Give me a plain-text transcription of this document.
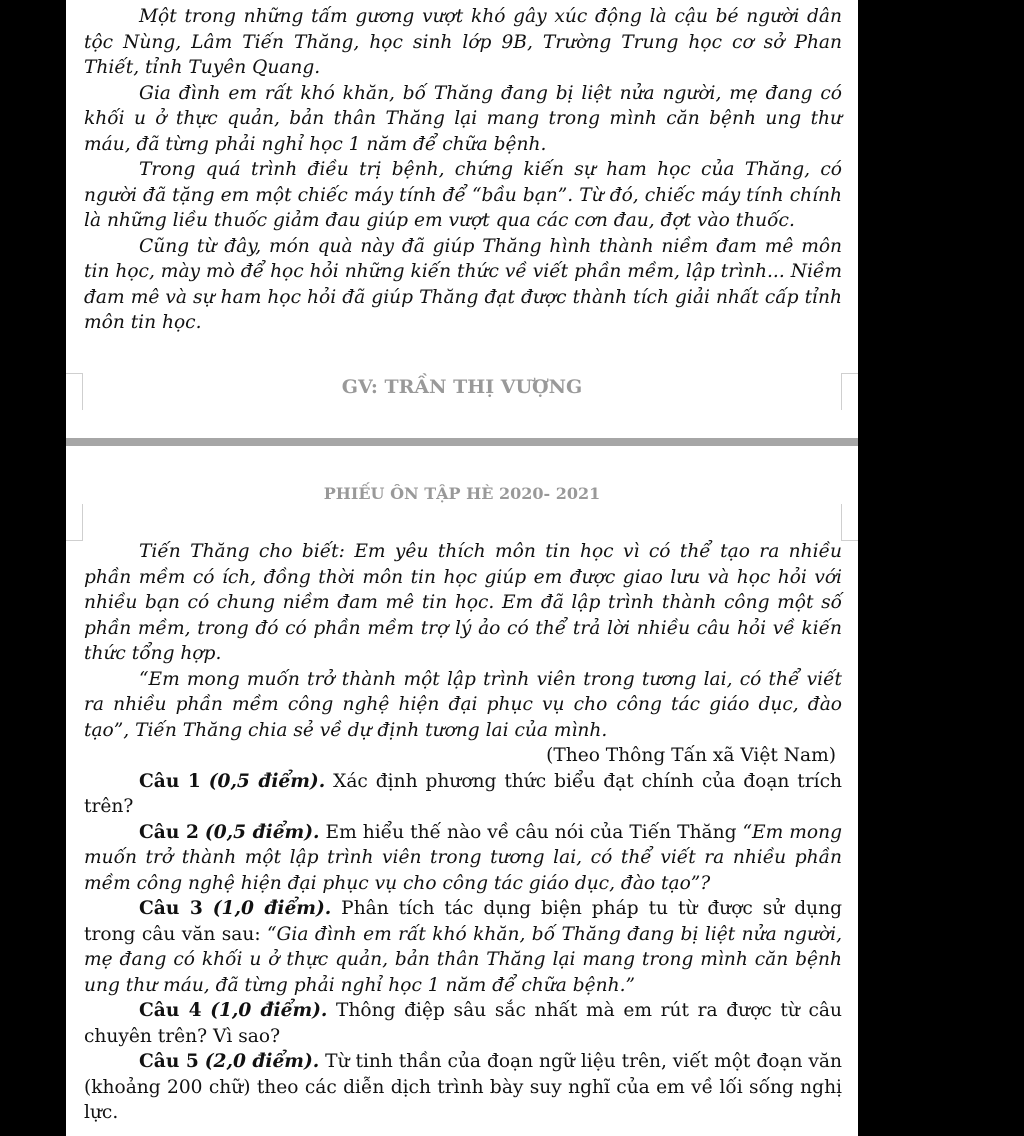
Một trong những tấm gương vượt khó gây xúc động là cậu bé người dân tộc Nùng, Lâm Tiến Thăng, học sinh lớp 9B, Trường Trung học cơ sở Phan Thiết, tỉnh Tuyên Quang.

Gia đình em rất khó khăn, bố Thăng đang bị liệt nửa người, mẹ đang có khối u ở thực quản, bản thân Thăng lại mang trong mình căn bệnh ung thư máu, đã từng phải nghỉ học 1 năm để chữa bệnh.

Trong quá trình điều trị bệnh, chứng kiến sự ham học của Thăng, có người đã tặng em một chiếc máy tính để “bầu bạn”. Từ đó, chiếc máy tính chính là những liều thuốc giảm đau giúp em vượt qua các cơn đau, đợt vào thuốc.

Cũng từ đây, món quà này đã giúp Thăng hình thành niềm đam mê môn tin học, mày mò để học hỏi những kiến thức về viết phần mềm, lập trình... Niềm đam mê và sự ham học hỏi đã giúp Thăng đạt được thành tích giải nhất cấp tỉnh môn tin học.

GV: TRẦN THỊ VƯỢNG
PHIẾU ÔN TẬP HÈ 2020- 2021

Tiến Thăng cho biết: Em yêu thích môn tin học vì có thể tạo ra nhiều phần mềm có ích, đồng thời môn tin học giúp em được giao lưu và học hỏi với nhiều bạn có chung niềm đam mê tin học. Em đã lập trình thành công một số phần mềm, trong đó có phần mềm trợ lý ảo có thể trả lời nhiều câu hỏi về kiến thức tổng hợp.

“Em mong muốn trở thành một lập trình viên trong tương lai, có thể viết ra nhiều phần mềm công nghệ hiện đại phục vụ cho công tác giáo dục, đào tạo”, Tiến Thăng chia sẻ về dự định tương lai của mình.

(Theo Thông Tấn xã Việt Nam)

Câu 1 (0,5 điểm). Xác định phương thức biểu đạt chính của đoạn trích trên?

Câu 2 (0,5 điểm). Em hiểu thế nào về câu nói của Tiến Thăng “Em mong muốn trở thành một lập trình viên trong tương lai, có thể viết ra nhiều phần mềm công nghệ hiện đại phục vụ cho công tác giáo dục, đào tạo”?

Câu 3 (1,0 điểm). Phân tích tác dụng biện pháp tu từ được sử dụng trong câu văn sau: “Gia đình em rất khó khăn, bố Thăng đang bị liệt nửa người, mẹ đang có khối u ở thực quản, bản thân Thăng lại mang trong mình căn bệnh ung thư máu, đã từng phải nghỉ học 1 năm để chữa bệnh.”

Câu 4 (1,0 điểm). Thông điệp sâu sắc nhất mà em rút ra được từ câu chuyên trên? Vì sao?

Câu 5 (2,0 điểm). Từ tinh thần của đoạn ngữ liệu trên, viết một đoạn văn (khoảng 200 chữ) theo các diễn dịch trình bày suy nghĩ của em về lối sống nghị lực.
